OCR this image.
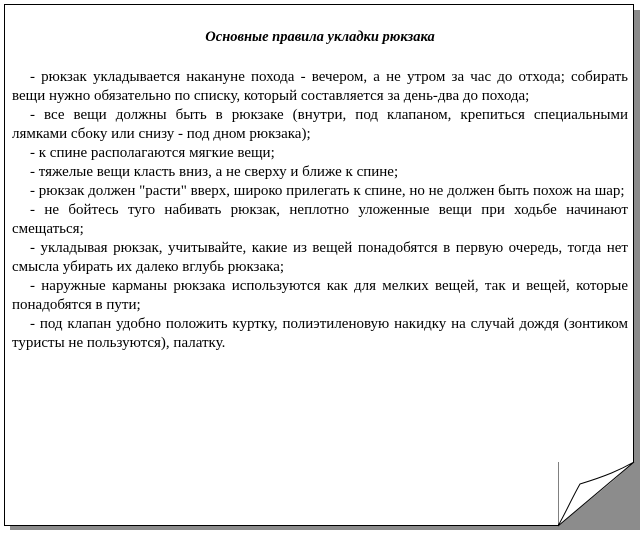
Основные правила укладки рюкзака

- рюкзак укладывается накануне похода - вечером, а не утром за час до отхода; собирать вещи нужно обязательно по списку, который составляется за день-два до похода;

- все вещи должны быть в рюкзаке (внутри, под клапаном, крепиться специальными лямками сбоку или снизу - под дном рюкзака);

- к спине располагаются мягкие вещи;

- тяжелые вещи класть вниз, а не сверху и ближе к спине;

- рюкзак должен "расти" вверх, широко прилегать к спине, но не должен быть похож на шар;

- не бойтесь туго набивать рюкзак, неплотно уложенные вещи при ходьбе начинают смещаться;

- укладывая рюкзак, учитывайте, какие из вещей понадобятся в первую очередь, тогда нет смысла убирать их далеко вглубь рюкзака;

- наружные карманы рюкзака используются как для мелких вещей, так и вещей, которые понадобятся в пути;

- под клапан удобно положить куртку, полиэтиленовую накидку на случай дождя (зонтиком туристы не пользуются), палатку.
